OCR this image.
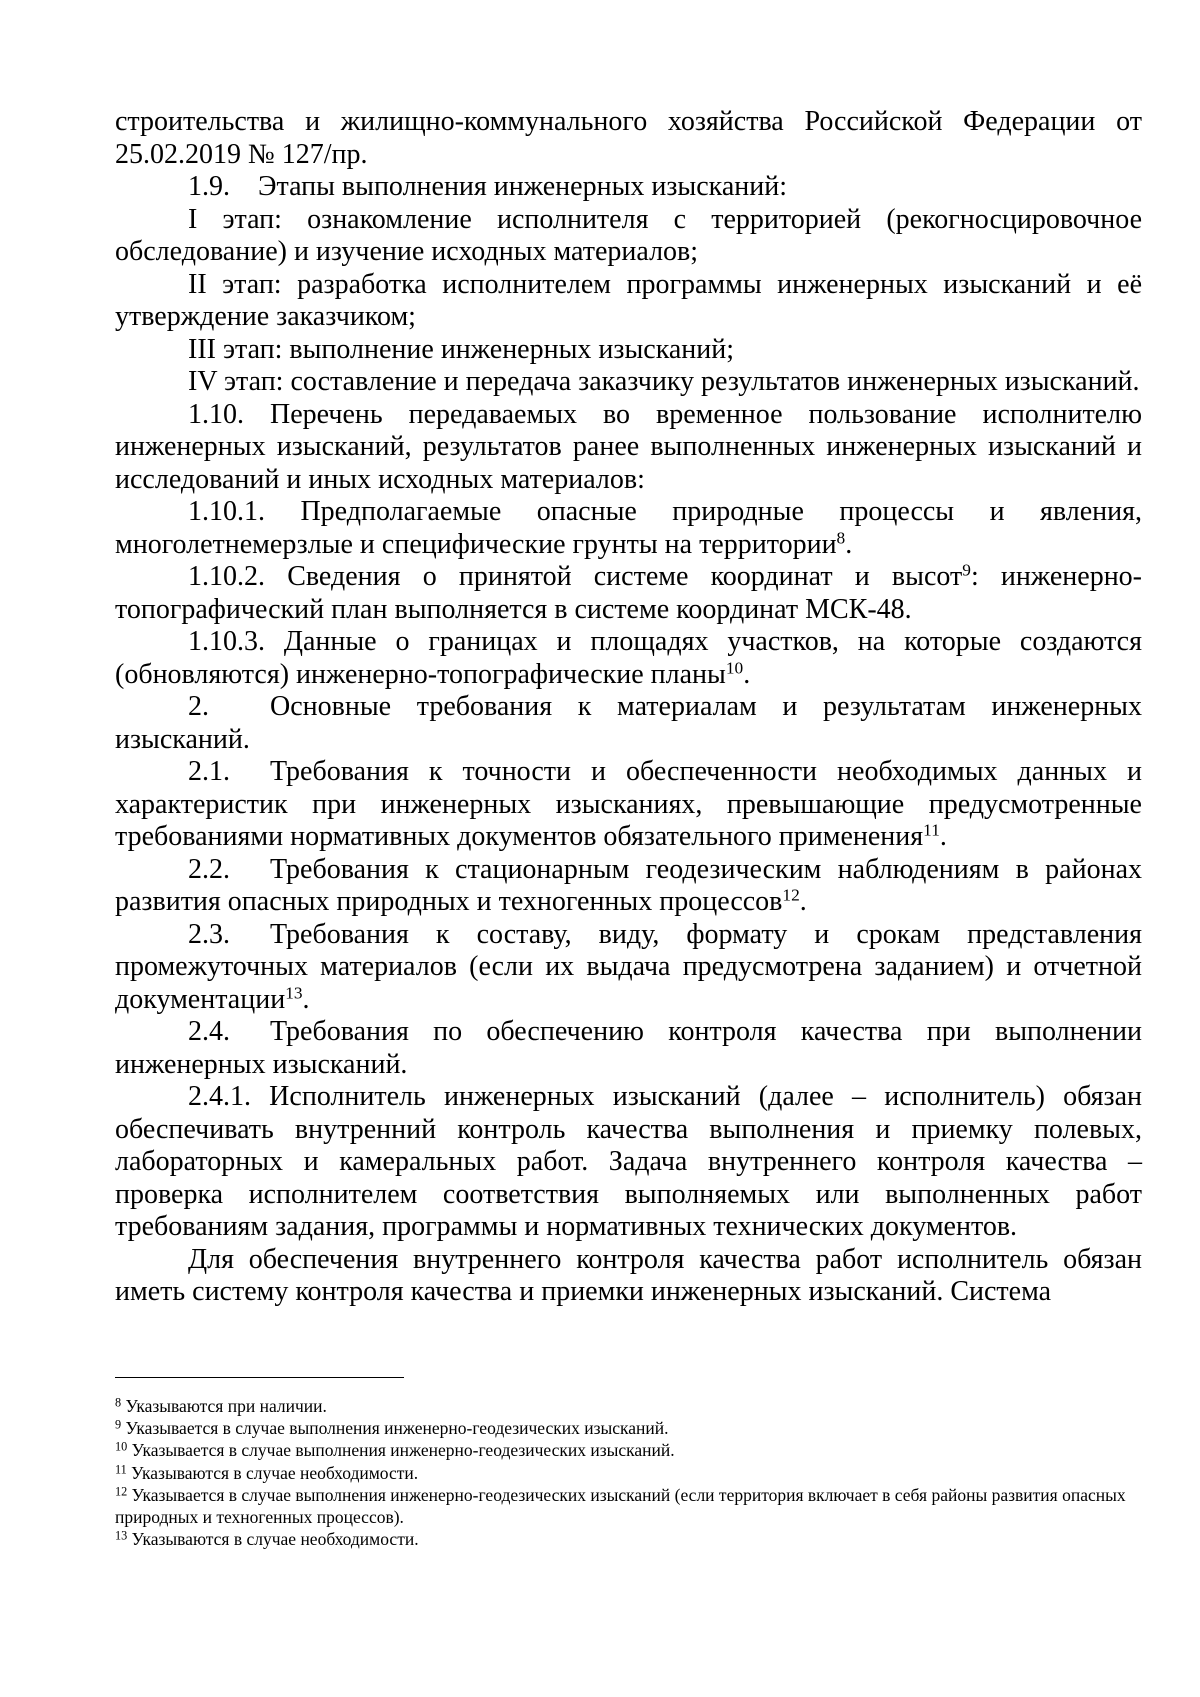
строительства и жилищно-коммунального хозяйства Российской Федерации от 25.02.2019 № 127/пр.

1.9. Этапы выполнения инженерных изысканий:

I этап: ознакомление исполнителя с территорией (рекогносцировочное обследование) и изучение исходных материалов;

II этап: разработка исполнителем программы инженерных изысканий и её утверждение заказчиком;

III этап: выполнение инженерных изысканий;

IV этап: составление и передача заказчику результатов инженерных изысканий.

1.10. Перечень передаваемых во временное пользование исполнителю инженерных изысканий, результатов ранее выполненных инженерных изысканий и исследований и иных исходных материалов:

1.10.1. Предполагаемые опасные природные процессы и явления, многолетнемерзлые и специфические грунты на территории$^8$.

1.10.2. Сведения о принятой системе координат и высот$^9$: инженерно-топографический план выполняется в системе координат МСК-48.

1.10.3. Данные о границах и площадях участков, на которые создаются (обновляются) инженерно-топографические планы$^{10}$.

2. Основные требования к материалам и результатам инженерных изысканий.

2.1. Требования к точности и обеспеченности необходимых данных и характеристик при инженерных изысканиях, превышающие предусмотренные требованиями нормативных документов обязательного применения$^{11}$.

2.2. Требования к стационарным геодезическим наблюдениям в районах развития опасных природных и техногенных процессов$^{12}$.

2.3. Требования к составу, виду, формату и срокам представления промежуточных материалов (если их выдача предусмотрена заданием) и отчетной документации$^{13}$.

2.4. Требования по обеспечению контроля качества при выполнении инженерных изысканий.

2.4.1. Исполнитель инженерных изысканий (далее – исполнитель) обязан обеспечивать внутренний контроль качества выполнения и приемку полевых, лабораторных и камеральных работ. Задача внутреннего контроля качества – проверка исполнителем соответствия выполняемых или выполненных работ требованиям задания, программы и нормативных технических документов.

Для обеспечения внутреннего контроля качества работ исполнитель обязан иметь систему контроля качества и приемки инженерных изысканий. Система

$^8$ Указываются при наличии.

$^9$ Указывается в случае выполнения инженерно-геодезических изысканий.

$^{10}$ Указывается в случае выполнения инженерно-геодезических изысканий.

$^{11}$ Указываются в случае необходимости.

$^{12}$ Указывается в случае выполнения инженерно-геодезических изысканий (если территория включает в себя районы развития опасных природных и техногенных процессов).

$^{13}$ Указываются в случае необходимости.
